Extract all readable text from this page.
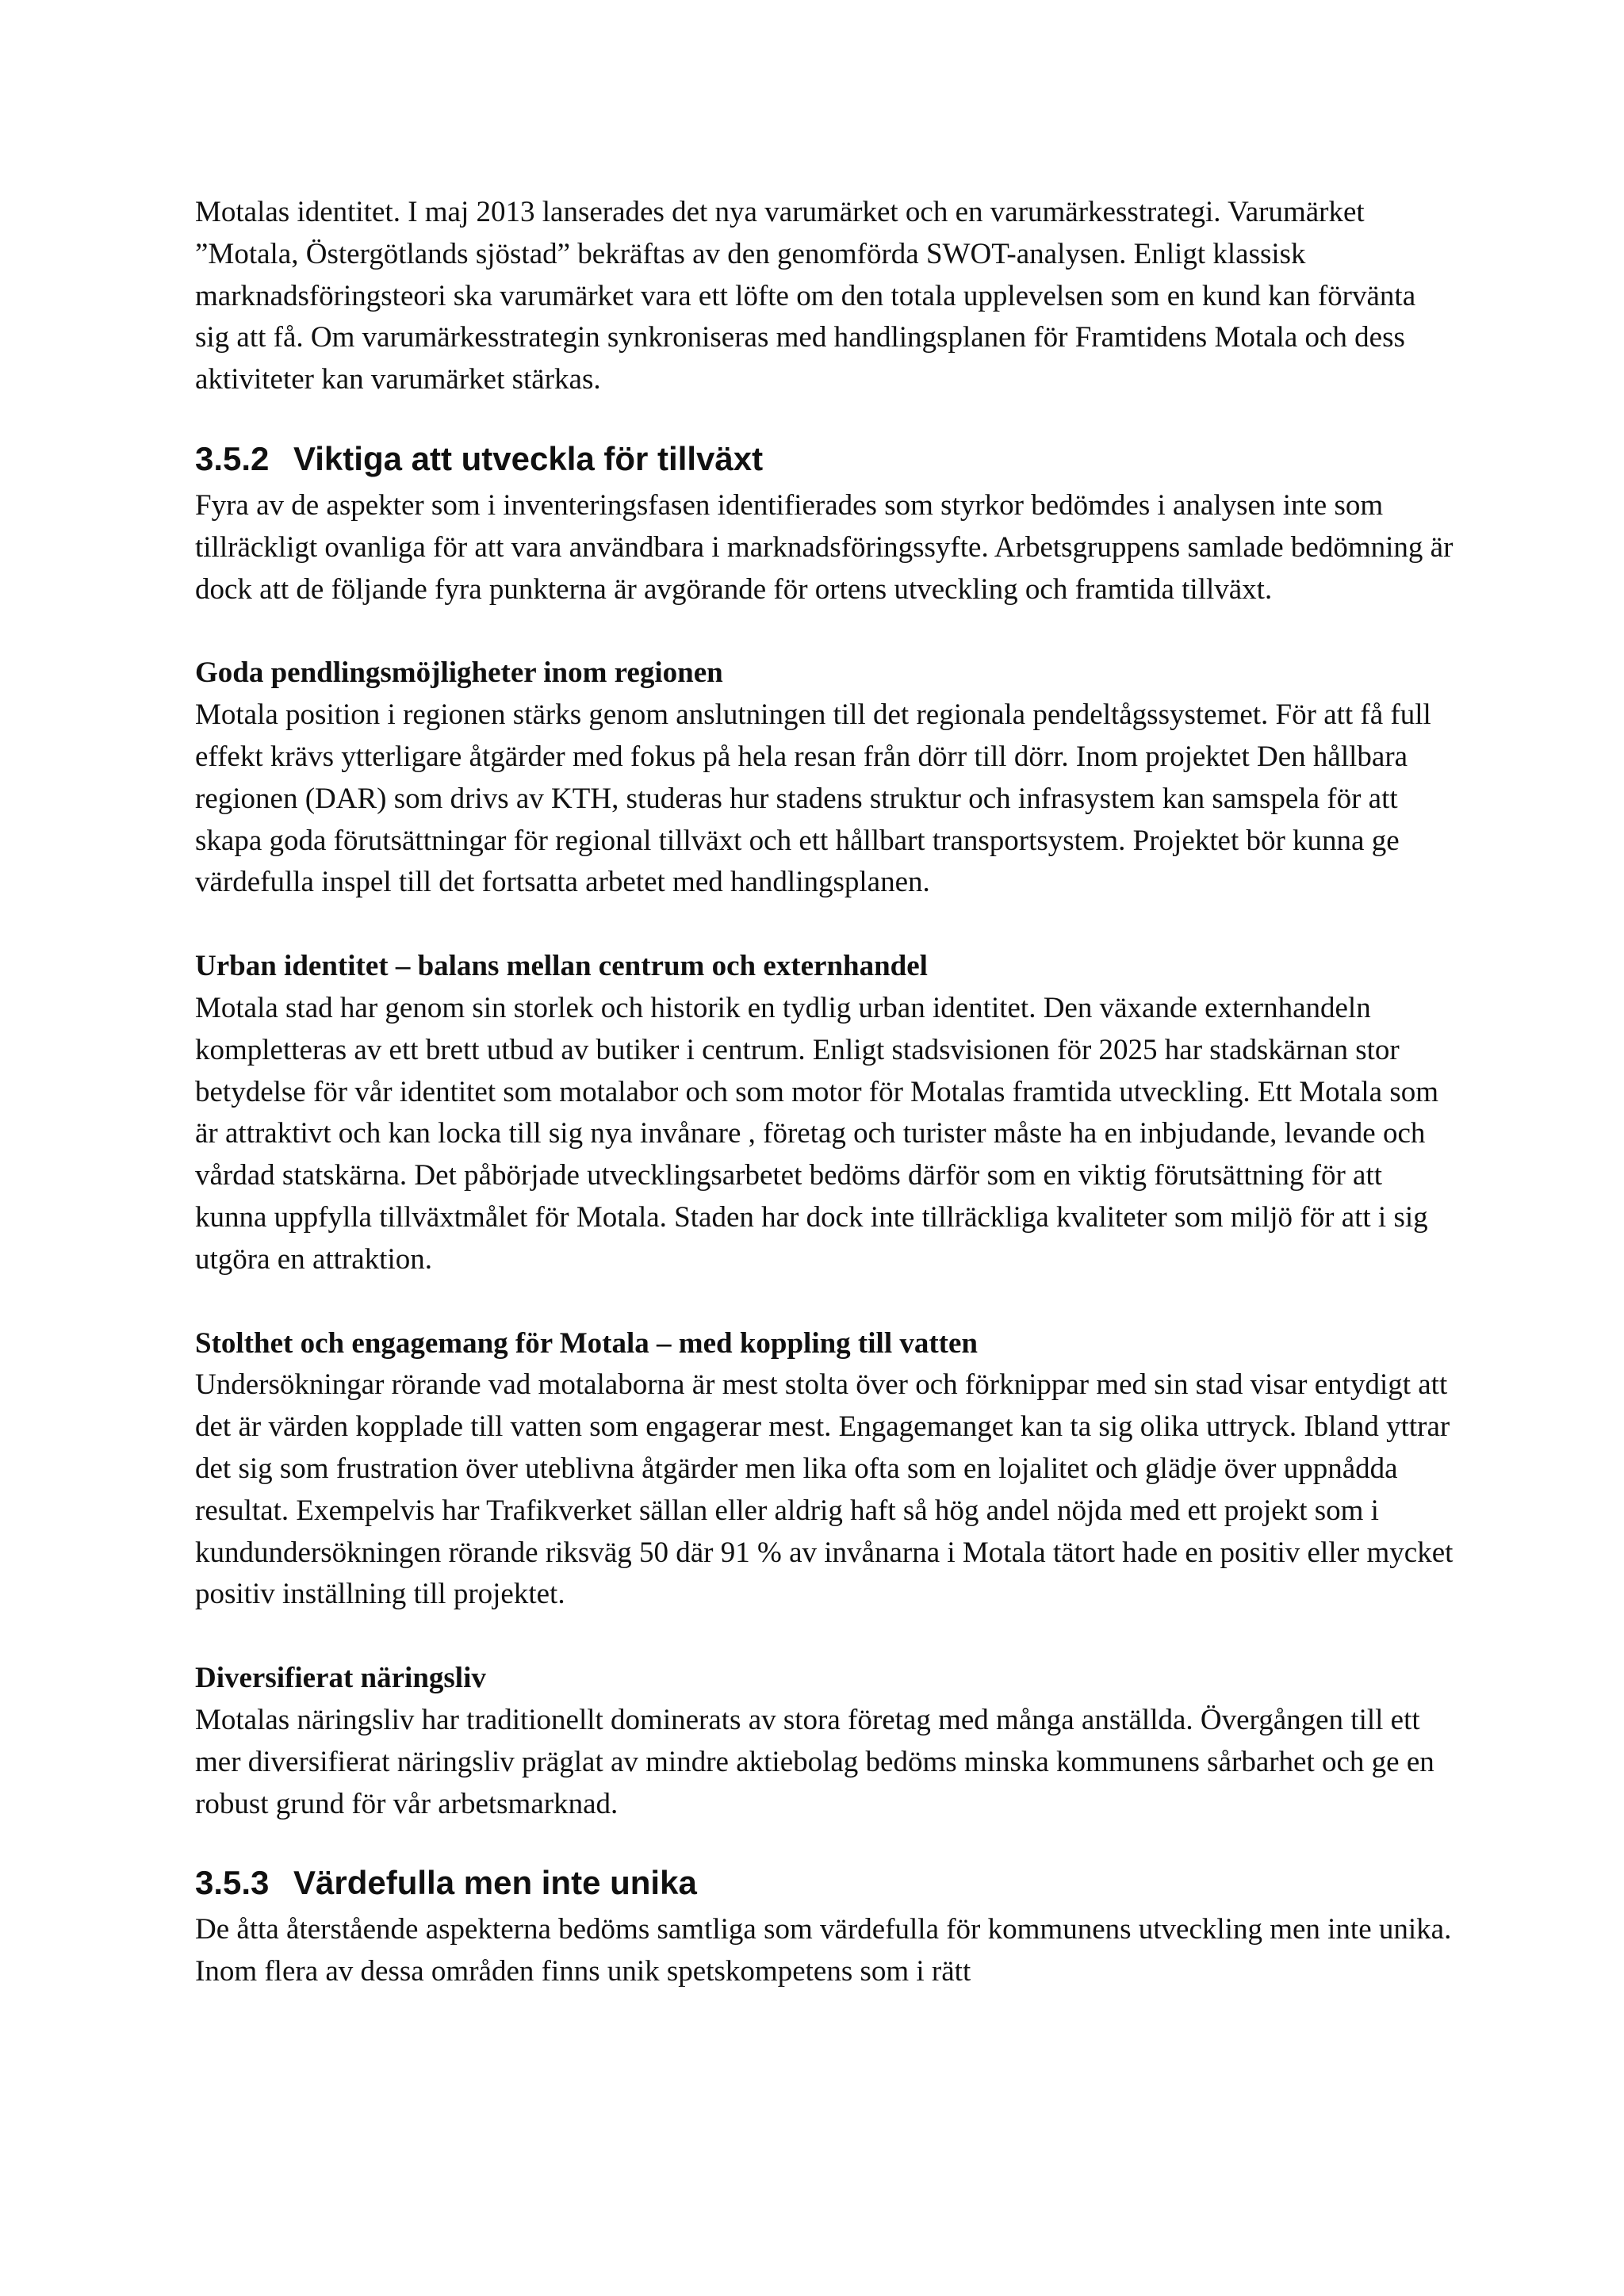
Motalas identitet. I maj 2013 lanserades det nya varumärket och en varumärkesstrategi. Varumärket ”Motala, Östergötlands sjöstad” bekräftas av den genomförda SWOT-analysen. Enligt klassisk marknadsföringsteori ska varumärket vara ett löfte om den totala upplevelsen som en kund kan förvänta sig att få. Om varumärkesstrategin synkroniseras med handlingsplanen för Framtidens Motala och dess aktiviteter kan varumärket stärkas.

3.5.2 Viktiga att utveckla för tillväxt

Fyra av de aspekter som i inventeringsfasen identifierades som styrkor bedömdes i analysen inte som tillräckligt ovanliga för att vara användbara i marknadsföringssyfte. Arbetsgruppens samlade bedömning är dock att de följande fyra punkterna är avgörande för ortens utveckling och framtida tillväxt.

Goda pendlingsmöjligheter inom regionen

Motala position i regionen stärks genom anslutningen till det regionala pendeltågssystemet. För att få full effekt krävs ytterligare åtgärder med fokus på hela resan från dörr till dörr. Inom projektet Den hållbara regionen (DAR) som drivs av KTH, studeras hur stadens struktur och infrasystem kan samspela för att skapa goda förutsättningar för regional tillväxt och ett hållbart transportsystem. Projektet bör kunna ge värdefulla inspel till det fortsatta arbetet med handlingsplanen.

Urban identitet – balans mellan centrum och externhandel

Motala stad har genom sin storlek och historik en tydlig urban identitet. Den växande externhandeln kompletteras av ett brett utbud av butiker i centrum. Enligt stadsvisionen för 2025 har stadskärnan stor betydelse för vår identitet som motalabor och som motor för Motalas framtida utveckling. Ett Motala som är attraktivt och kan locka till sig nya invånare , företag och turister måste ha en inbjudande, levande och vårdad statskärna. Det påbörjade utvecklingsarbetet bedöms därför som en viktig förutsättning för att kunna uppfylla tillväxtmålet för Motala. Staden har dock inte tillräckliga kvaliteter som miljö för att i sig utgöra en attraktion.

Stolthet och engagemang för Motala – med koppling till vatten

Undersökningar rörande vad motalaborna är mest stolta över och förknippar med sin stad visar entydigt att det är värden kopplade till vatten som engagerar mest. Engagemanget kan ta sig olika uttryck. Ibland yttrar det sig som frustration över uteblivna åtgärder men lika ofta som en lojalitet och glädje över uppnådda resultat. Exempelvis har Trafikverket sällan eller aldrig haft så hög andel nöjda med ett projekt som i kundundersökningen rörande riksväg 50 där 91 % av invånarna i Motala tätort hade en positiv eller mycket positiv inställning till projektet.

Diversifierat näringsliv

Motalas näringsliv har traditionellt dominerats av stora företag med många anställda. Övergången till ett mer diversifierat näringsliv präglat av mindre aktiebolag bedöms minska kommunens sårbarhet och ge en robust grund för vår arbetsmarknad.

3.5.3 Värdefulla men inte unika

De åtta återstående aspekterna bedöms samtliga som värdefulla för kommunens utveckling men inte unika. Inom flera av dessa områden finns unik spetskompetens som i rätt
